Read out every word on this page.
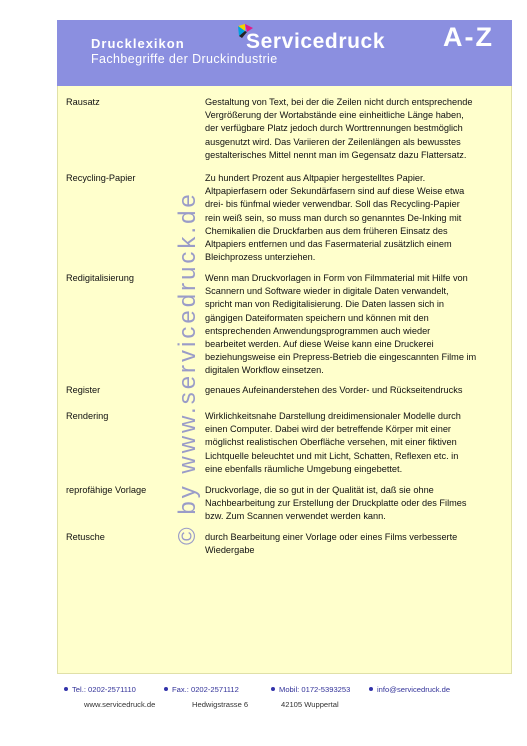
Drucklexikon
Fachbegriffe der Druckindustrie
Servicedruck A-Z
© by www.servicedruck.de
Rausatz	Gestaltung von Text, bei der die Zeilen nicht durch entsprechende
Vergrößerung der Wortabstände eine einheitliche Länge haben,
der verfügbare Platz jedoch durch Worttrennungen bestmöglich
ausgenutzt wird. Das Variieren der Zeilenlängen als bewusstes
gestalterisches Mittel nennt man im Gegensatz dazu Flattersatz.
Recycling-Papier	Zu hundert Prozent aus Altpapier hergestelltes Papier.
Altpapierfasern oder Sekundärfasern sind auf diese Weise etwa
drei- bis fünfmal wieder verwendbar. Soll das Recycling-Papier
rein weiß sein, so muss man durch so genanntes De-Inking mit
Chemikalien die Druckfarben aus dem früheren Einsatz des
Altpapiers entfernen und das Fasermaterial zusätzlich einem
Bleichprozess unterziehen.
Redigitalisierung	Wenn man Druckvorlagen in Form von Filmmaterial mit Hilfe von
Scannern und Software wieder in digitale Daten verwandelt,
spricht man von Redigitalisierung. Die Daten lassen sich in
gängigen Dateiformaten speichern und können mit den
entsprechenden Anwendungsprogrammen auch wieder
bearbeitet werden. Auf diese Weise kann eine Druckerei
beziehungsweise ein Prepress-Betrieb die eingescannten Filme im
digitalen Workflow einsetzen.
Register	genaues Aufeinanderstehen des Vorder- und Rückseitendrucks
Rendering	Wirklichkeitsnahe Darstellung dreidimensionaler Modelle durch
einen Computer. Dabei wird der betreffende Körper mit einer
möglichst realistischen Oberfläche versehen, mit einer fiktiven
Lichtquelle beleuchtet und mit Licht, Schatten, Reflexen etc. in
eine ebenfalls räumliche Umgebung eingebettet.
reprofähige Vorlage	Druckvorlage, die so gut in der Qualität ist, daß sie ohne
Nachbearbeitung zur Erstellung der Druckplatte oder des Filmes
bzw. Zum Scannen verwendet werden kann.
Retusche	durch Bearbeitung einer Vorlage oder eines Films verbesserte
Wiedergabe
Tel.: 0202-2571110	Fax.: 0202-2571112	Mobil: 0172-5393253	info@servicedruck.de
www.servicedruck.de	Hedwigstrasse 6	42105 Wuppertal
